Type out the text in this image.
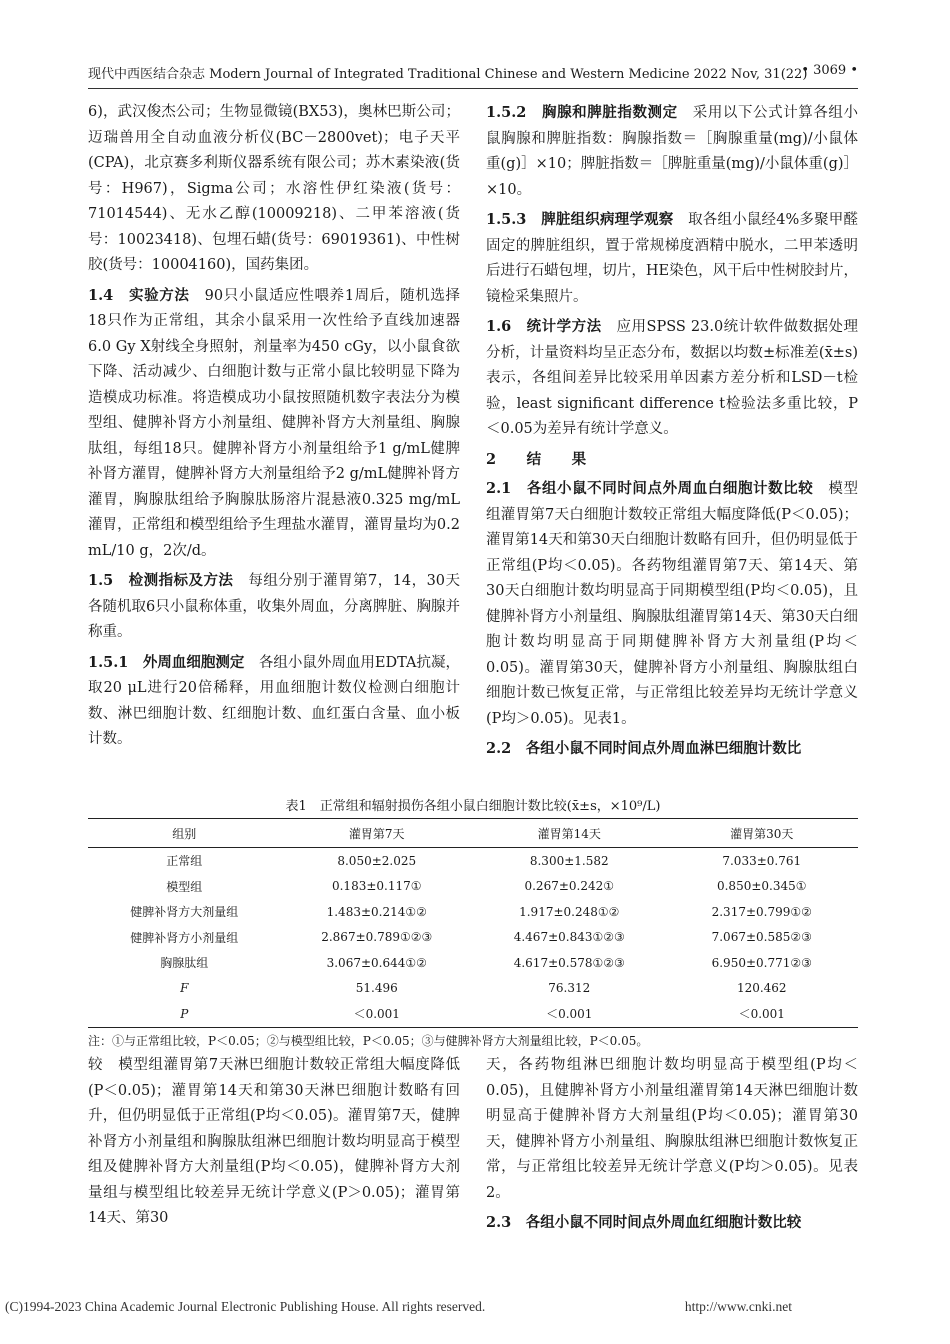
现代中西医结合杂志 Modern Journal of Integrated Traditional Chinese and Western Medicine 2022 Nov, 31(22)
• 3069 •

6)，武汉俊杰公司；生物显微镜(BX53)，奥林巴斯公司；迈瑞兽用全自动血液分析仪(BC－2800vet)；电子天平(CPA)，北京赛多利斯仪器系统有限公司；苏木素染液(货号：H967)，Sigma公司；水溶性伊红染液(货号：71014544)、无水乙醇(10009218)、二甲苯溶液(货号：10023418)、包埋石蜡(货号：69019361)、中性树胶(货号：10004160)，国药集团。

1.4　实验方法　90只小鼠适应性喂养1周后，随机选择18只作为正常组，其余小鼠采用一次性给予直线加速器6.0 Gy X射线全身照射，剂量率为450 cGy，以小鼠食欲下降、活动减少、白细胞计数与正常小鼠比较明显下降为造模成功标准。将造模成功小鼠按照随机数字表法分为模型组、健脾补肾方小剂量组、健脾补肾方大剂量组、胸腺肽组，每组18只。健脾补肾方小剂量组给予1 g/mL健脾补肾方灌胃，健脾补肾方大剂量组给予2 g/mL健脾补肾方灌胃，胸腺肽组给予胸腺肽肠溶片混悬液0.325 mg/mL灌胃，正常组和模型组给予生理盐水灌胃，灌胃量均为0.2 mL/10 g，2次/d。

1.5　检测指标及方法　每组分别于灌胃第7，14，30天各随机取6只小鼠称体重，收集外周血，分离脾脏、胸腺并称重。

1.5.1　外周血细胞测定　各组小鼠外周血用EDTA抗凝，取20 μL进行20倍稀释，用血细胞计数仪检测白细胞计数、淋巴细胞计数、红细胞计数、血红蛋白含量、血小板计数。

1.5.2　胸腺和脾脏指数测定　采用以下公式计算各组小鼠胸腺和脾脏指数：胸腺指数＝［胸腺重量(mg)/小鼠体重(g)］×10；脾脏指数＝［脾脏重量(mg)/小鼠体重(g)］×10。

1.5.3　脾脏组织病理学观察　取各组小鼠经4%多聚甲醛固定的脾脏组织，置于常规梯度酒精中脱水，二甲苯透明后进行石蜡包埋，切片，HE染色，风干后中性树胶封片，镜检采集照片。

1.6　统计学方法　应用SPSS 23.0统计软件做数据处理分析，计量资料均呈正态分布，数据以均数±标准差(x̄±s)表示，各组间差异比较采用单因素方差分析和LSD－t检验，least significant difference t检验法多重比较，P＜0.05为差异有统计学意义。

2　结　果

2.1　各组小鼠不同时间点外周血白细胞计数比较　模型组灌胃第7天白细胞计数较正常组大幅度降低(P＜0.05)；灌胃第14天和第30天白细胞计数略有回升，但仍明显低于正常组(P均＜0.05)。各药物组灌胃第7天、第14天、第30天白细胞计数均明显高于同期模型组(P均＜0.05)，且健脾补肾方小剂量组、胸腺肽组灌胃第14天、第30天白细胞计数均明显高于同期健脾补肾方大剂量组(P均＜0.05)。灌胃第30天，健脾补肾方小剂量组、胸腺肽组白细胞计数已恢复正常，与正常组比较差异均无统计学意义(P均＞0.05)。见表1。

2.2　各组小鼠不同时间点外周血淋巴细胞计数比

表1　正常组和辐射损伤各组小鼠白细胞计数比较(x̄±s，×10⁹/L)
组别	灌胃第7天	灌胃第14天	灌胃第30天
正常组	8.050±2.025	8.300±1.582	7.033±0.761
模型组	0.183±0.117①	0.267±0.242①	0.850±0.345①
健脾补肾方大剂量组	1.483±0.214①②	1.917±0.248①②	2.317±0.799①②
健脾补肾方小剂量组	2.867±0.789①②③	4.467±0.843①②③	7.067±0.585②③
胸腺肽组	3.067±0.644①②	4.617±0.578①②③	6.950±0.771②③
F	51.496	76.312	120.462
P	＜0.001	＜0.001	＜0.001
注：①与正常组比较，P＜0.05；②与模型组比较，P＜0.05；③与健脾补肾方大剂量组比较，P＜0.05。

较　模型组灌胃第7天淋巴细胞计数较正常组大幅度降低(P＜0.05)；灌胃第14天和第30天淋巴细胞计数略有回升，但仍明显低于正常组(P均＜0.05)。灌胃第7天，健脾补肾方小剂量组和胸腺肽组淋巴细胞计数均明显高于模型组及健脾补肾方大剂量组(P均＜0.05)，健脾补肾方大剂量组与模型组比较差异无统计学意义(P＞0.05)；灌胃第14天、第30

天，各药物组淋巴细胞计数均明显高于模型组(P均＜0.05)，且健脾补肾方小剂量组灌胃第14天淋巴细胞计数明显高于健脾补肾方大剂量组(P均＜0.05)；灌胃第30天，健脾补肾方小剂量组、胸腺肽组淋巴细胞计数恢复正常，与正常组比较差异无统计学意义(P均＞0.05)。见表2。

2.3　各组小鼠不同时间点外周血红细胞计数比较

(C)1994-2023 China Academic Journal Electronic Publishing House. All rights reserved.	http://www.cnki.net
